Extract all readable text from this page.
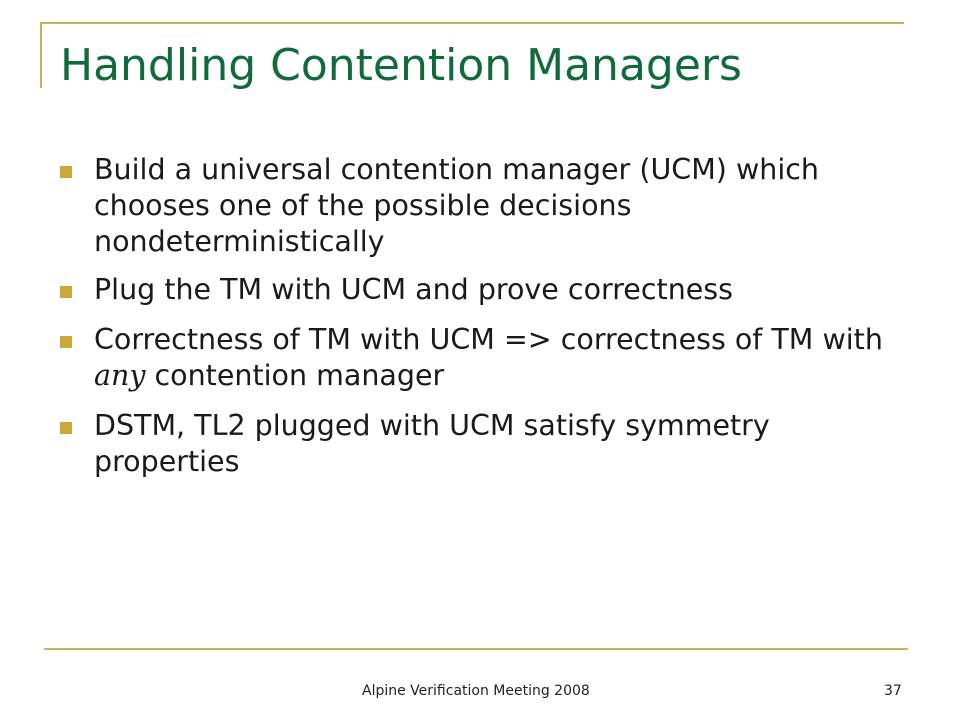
Handling Contention Managers
Build a universal contention manager (UCM) which chooses one of the possible decisions nondeterministically
Plug the TM with UCM and prove correctness
Correctness of TM with UCM => correctness of TM with any contention manager
DSTM, TL2 plugged with UCM satisfy symmetry properties
Alpine Verification Meeting 2008	37
